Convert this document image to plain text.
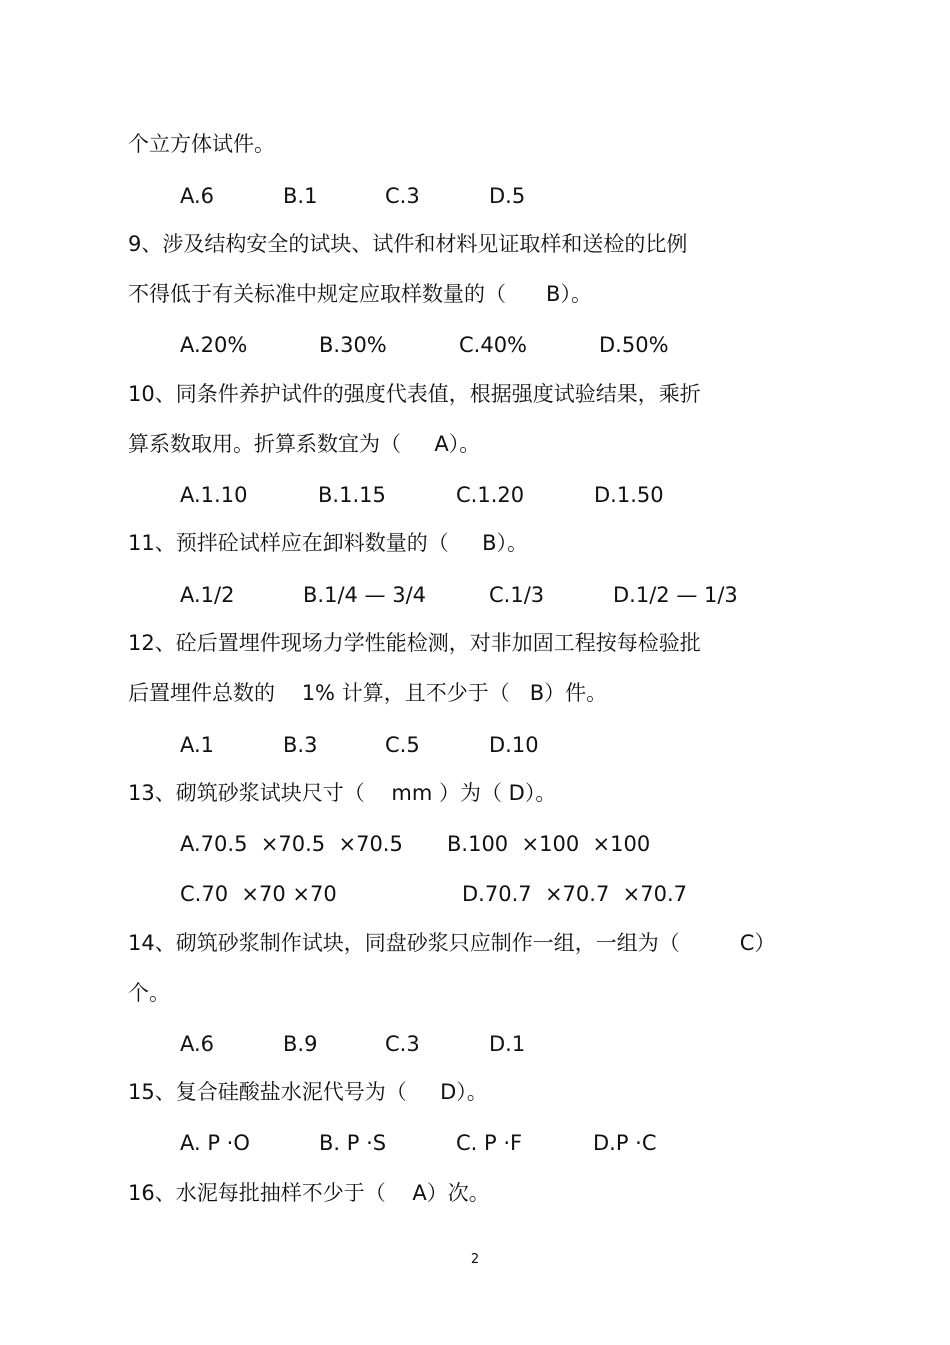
个立方体试件。
A.6	B.1	C.3	D.5
9、涉及结构安全的试块、试件和材料见证取样和送检的比例
不得低于有关标准中规定应取样数量的（      B）。
A.20%	B.30%	C.40%	D.50%
10、同条件养护试件的强度代表值，根据强度试验结果，乘折
算系数取用。折算系数宜为（     A）。
A.1.10	B.1.15	C.1.20	D.1.50
11、预拌砼试样应在卸料数量的（     B）。
A.1/2	B.1/4 — 3/4	C.1/3	D.1/2 — 1/3
12、砼后置埋件现场力学性能检测，对非加固工程按每检验批
后置埋件总数的    1% 计算，且不少于（   B）件。
A.1	B.3	C.5	D.10
13、砌筑砂浆试块尺寸（    mm ）为（ D）。
A.70.5  ×70.5  ×70.5 B.100  ×100  ×100
C.70  ×70 ×70	D.70.7  ×70.7  ×70.7
14、砌筑砂浆制作试块，同盘砂浆只应制作一组，一组为（         C）
个。
A.6	B.9	C.3	D.1
15、复合硅酸盐水泥代号为（     D）。
A. P ·O	B. P ·S	C. P ·F	D.P ·C
16、水泥每批抽样不少于（    A）次。
2
